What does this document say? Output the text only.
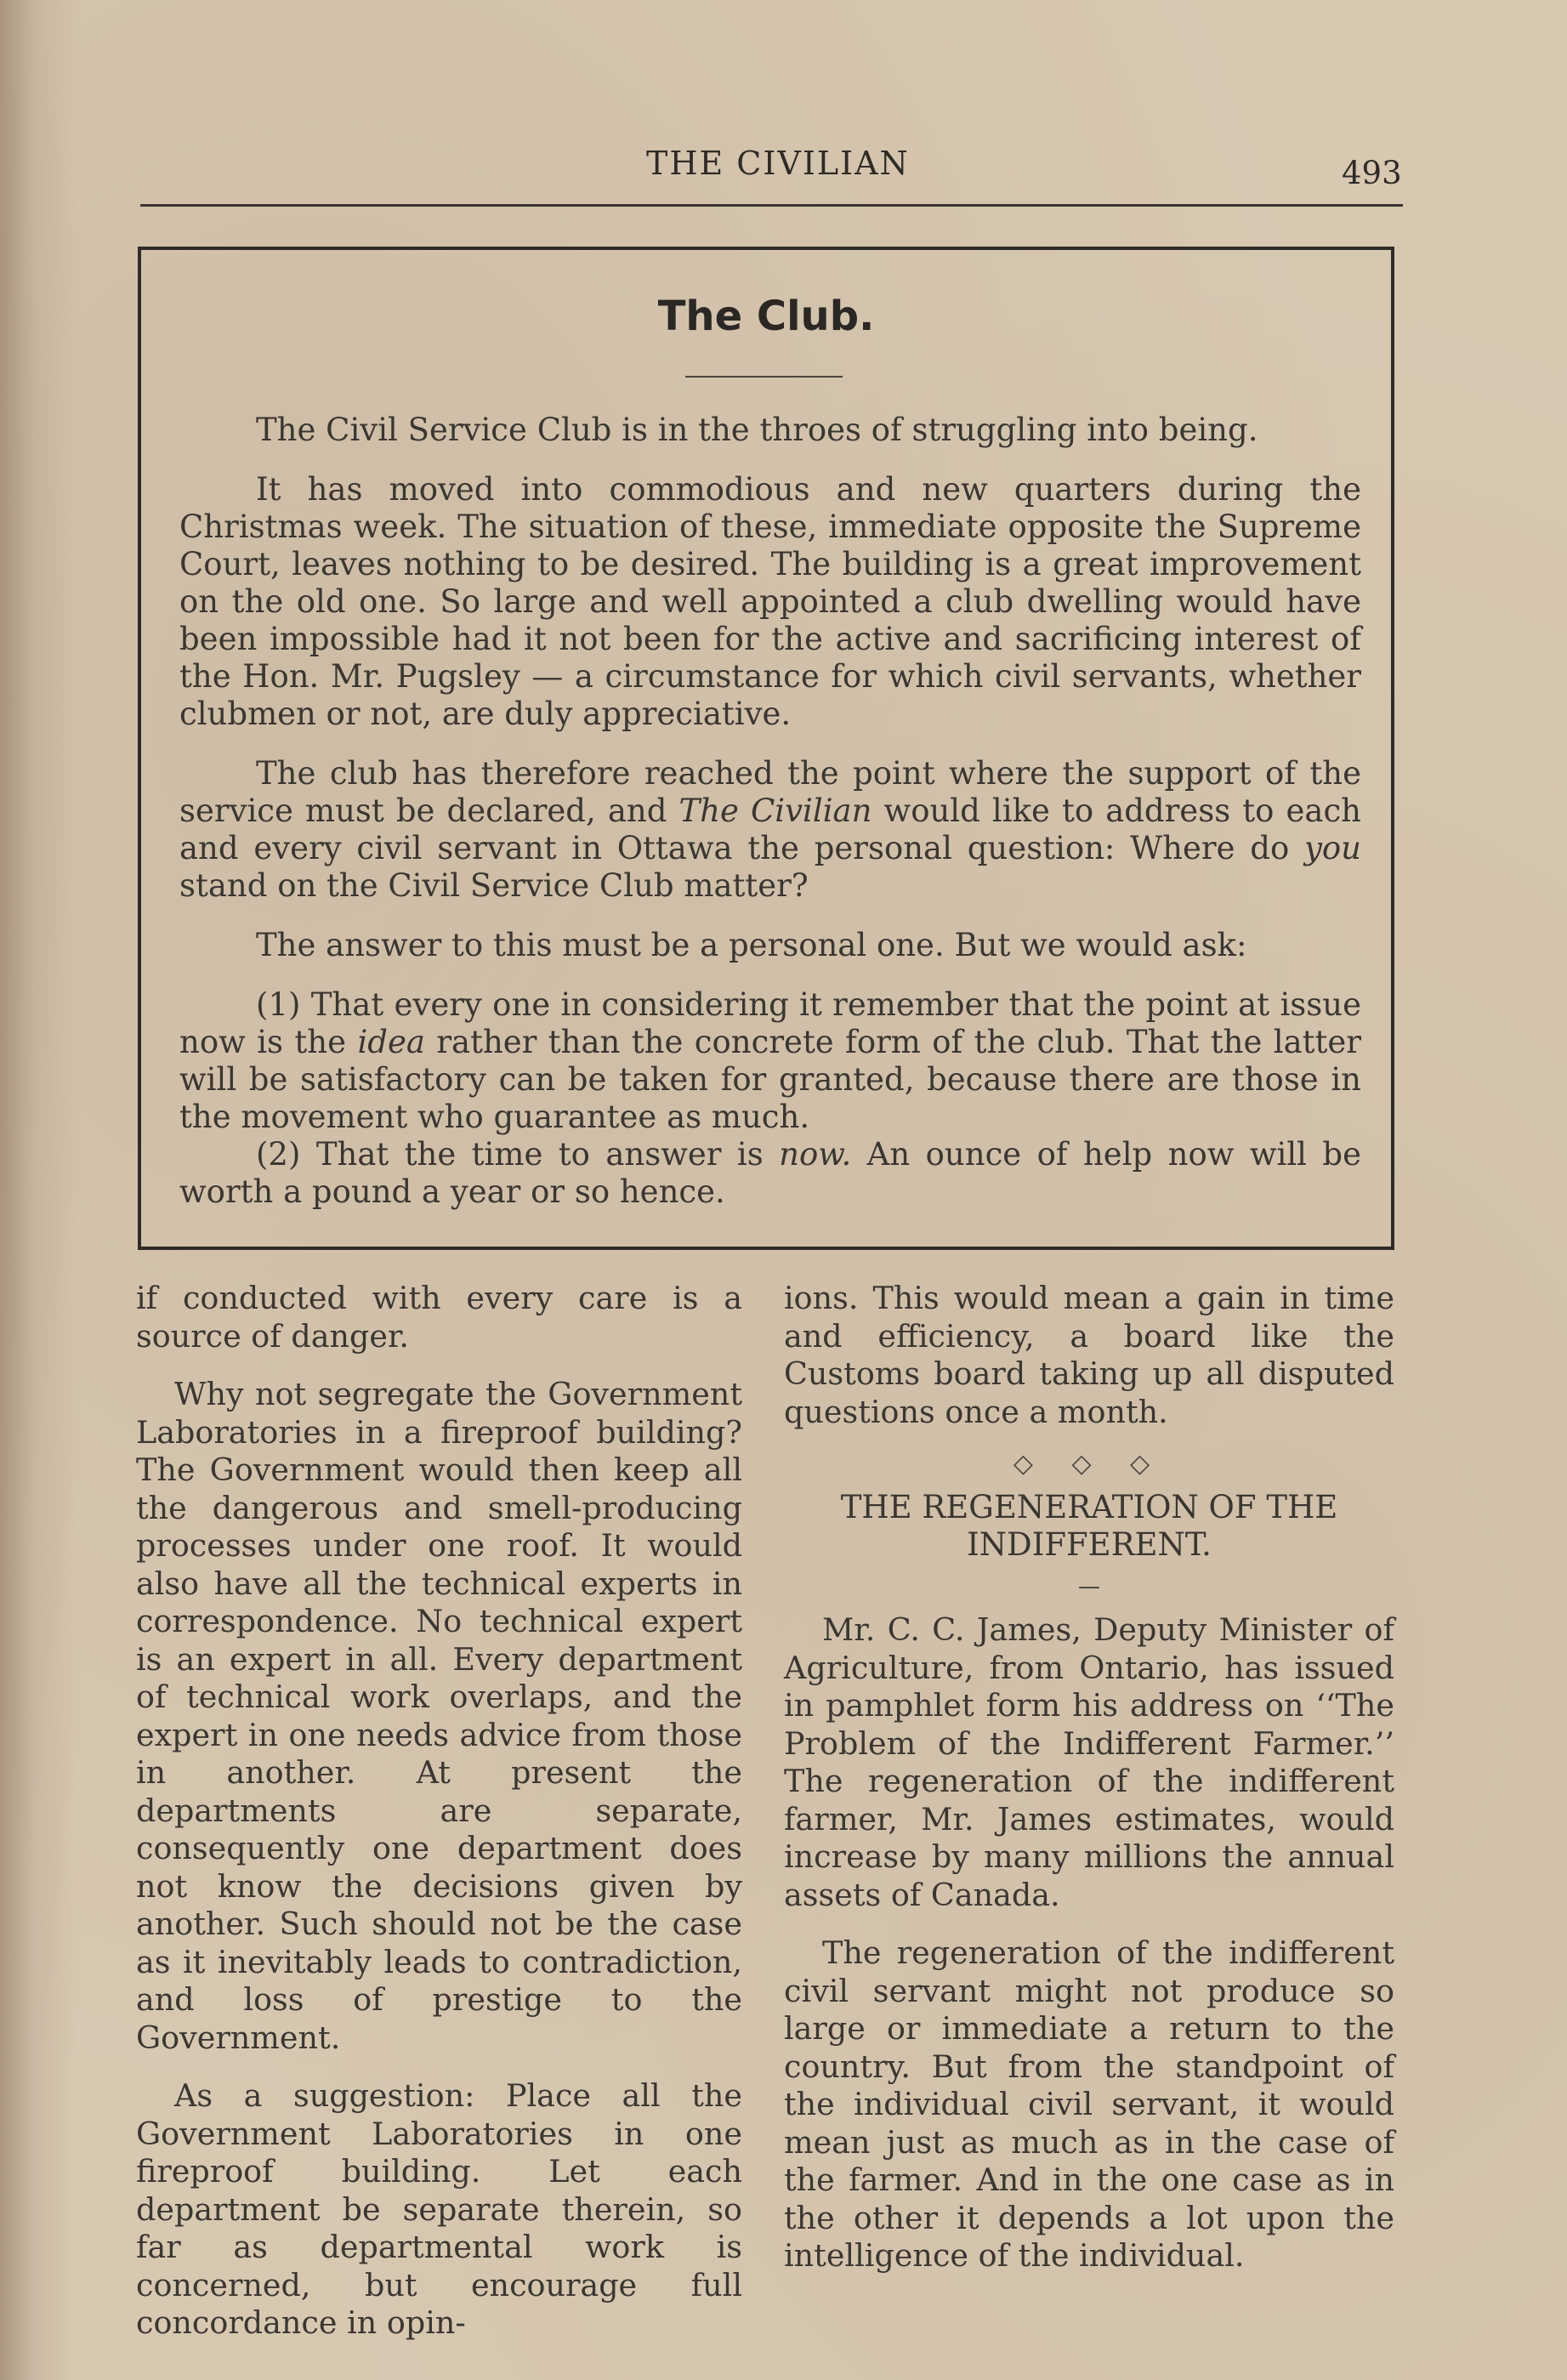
THE CIVILIAN	493
The Club.

The Civil Service Club is in the throes of struggling into being.

It has moved into commodious and new quarters during the Christmas week. The situation of these, immediate opposite the Supreme Court, leaves nothing to be desired. The building is a great improvement on the old one. So large and well appointed a club dwelling would have been impossible had it not been for the active and sacrificing interest of the Hon. Mr. Pugsley — a circumstance for which civil servants, whether clubmen or not, are duly appreciative.

The club has therefore reached the point where the support of the service must be declared, and The Civilian would like to address to each and every civil servant in Ottawa the personal question: Where do you stand on the Civil Service Club matter?

The answer to this must be a personal one. But we would ask:

(1) That every one in considering it remember that the point at issue now is the idea rather than the concrete form of the club. That the latter will be satisfactory can be taken for granted, because there are those in the movement who guarantee as much.

(2) That the time to answer is now. An ounce of help now will be worth a pound a year or so hence.

if conducted with every care is a source of danger.

Why not segregate the Government Laboratories in a fireproof building? The Government would then keep all the dangerous and smell-producing processes under one roof. It would also have all the technical experts in correspondence. No technical expert is an expert in all. Every department of technical work overlaps, and the expert in one needs advice from those in another. At present the departments are separate, consequently one department does not know the decisions given by another. Such should not be the case as it inevitably leads to contradiction, and loss of prestige to the Government.

As a suggestion: Place all the Government Laboratories in one fireproof building. Let each department be separate therein, so far as departmental work is concerned, but encourage full concordance in opin-

ions. This would mean a gain in time and efficiency, a board like the Customs board taking up all disputed questions once a month.

◇ ◇ ◇
THE REGENERATION OF THE INDIFFERENT.
—

Mr. C. C. James, Deputy Minister of Agriculture, from Ontario, has issued in pamphlet form his address on ‘‘The Problem of the Indifferent Farmer.’’ The regeneration of the indifferent farmer, Mr. James estimates, would increase by many millions the annual assets of Canada.

The regeneration of the indifferent civil servant might not produce so large or immediate a return to the country. But from the standpoint of the individual civil servant, it would mean just as much as in the case of the farmer. And in the one case as in the other it depends a lot upon the intelligence of the individual.
